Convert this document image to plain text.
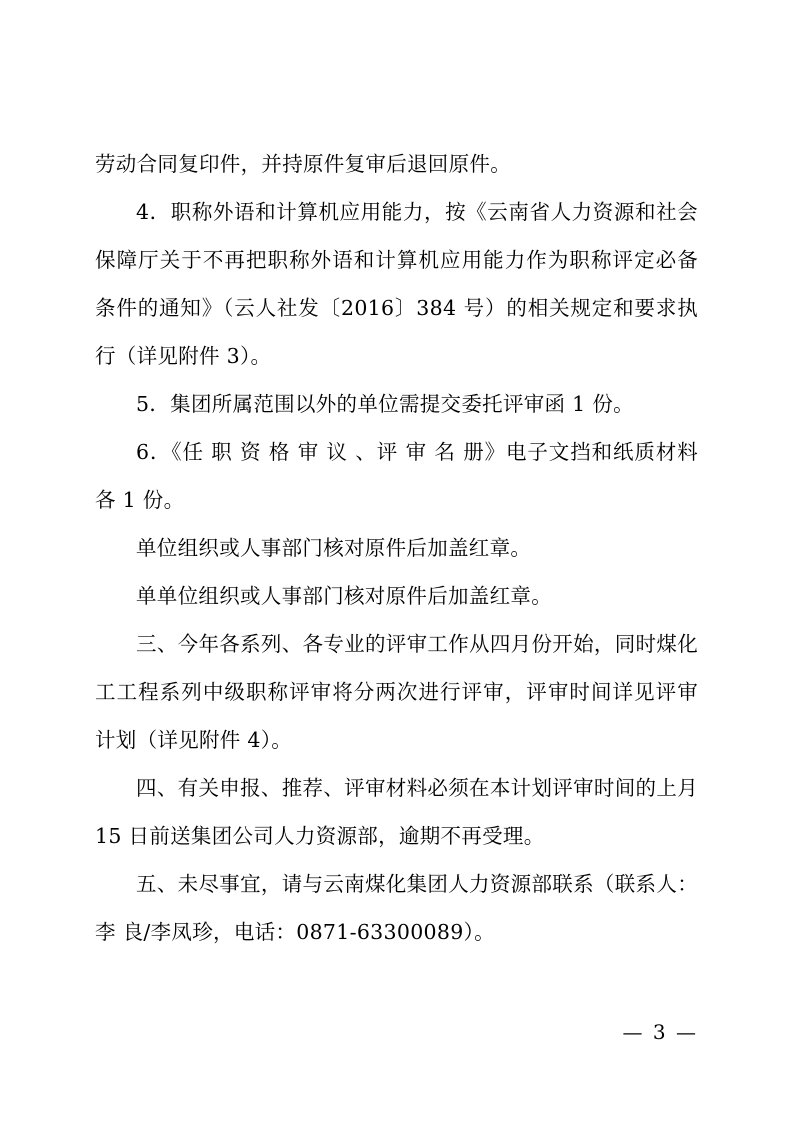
劳动合同复印件，并持原件复审后退回原件。

4．职称外语和计算机应用能力，按《云南省人力资源和社会保障厅关于不再把职称外语和计算机应用能力作为职称评定必备条件的通知》（云人社发〔2016〕384 号）的相关规定和要求执行（详见附件 3）。

5．集团所属范围以外的单位需提交委托评审函 1 份。

6．《任 职 资 格 审 议 、评 审 名 册》电子文挡和纸质材料各 1 份。

单位组织或人事部门核对原件后加盖红章。

单单位组织或人事部门核对原件后加盖红章。

三、今年各系列、各专业的评审工作从四月份开始，同时煤化工工程系列中级职称评审将分两次进行评审，评审时间详见评审计划（详见附件 4）。

四、有关申报、推荐、评审材料必须在本计划评审时间的上月 15 日前送集团公司人力资源部，逾期不再受理。

五、未尽事宜，请与云南煤化集团人力资源部联系（联系人：李 良/李凤珍，电话：0871-63300089）。

— 3 —
